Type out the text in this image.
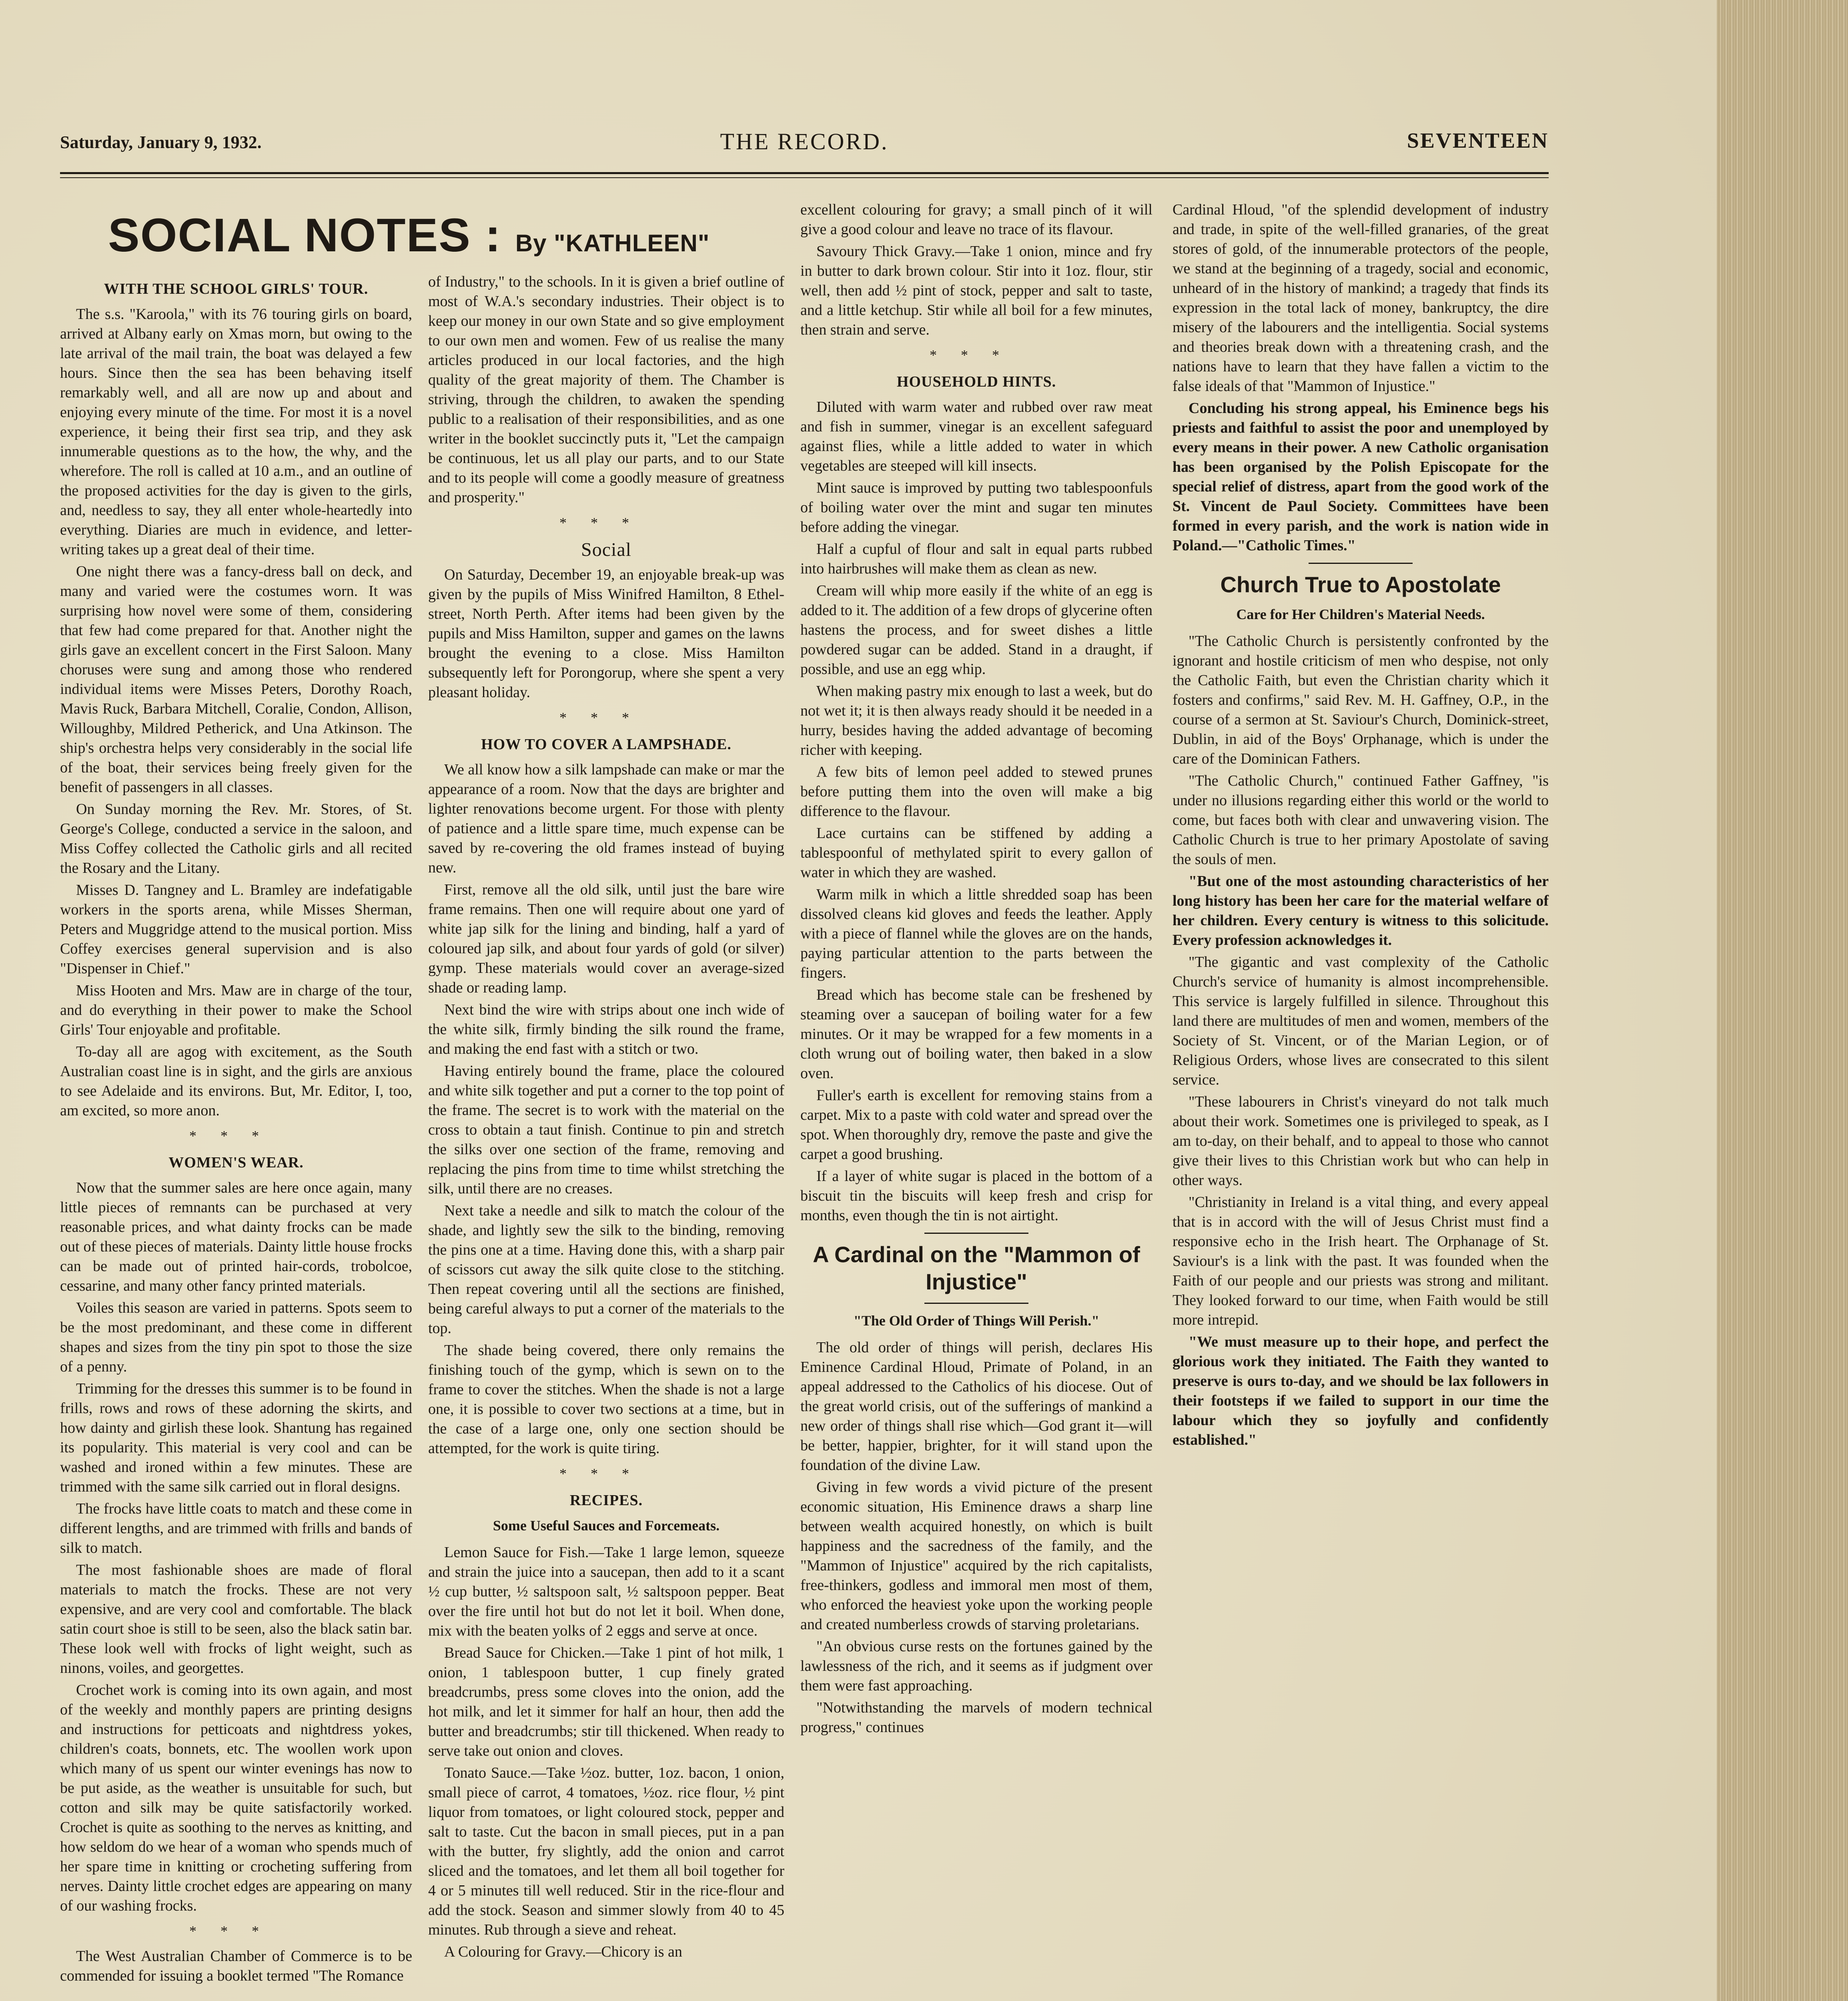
Saturday, January 9, 1932.	THE RECORD.	SEVENTEEN
SOCIAL NOTES : By "KATHLEEN"
WITH THE SCHOOL GIRLS' TOUR.

The s.s. "Karoola," with its 76 touring girls on board, arrived at Albany early on Xmas morn, but owing to the late arrival of the mail train, the boat was delayed a few hours. Since then the sea has been behaving itself remarkably well, and all are now up and about and enjoying every minute of the time. For most it is a novel experience, it being their first sea trip, and they ask innumerable questions as to the how, the why, and the wherefore. The roll is called at 10 a.m., and an outline of the proposed activities for the day is given to the girls, and, needless to say, they all enter whole-heartedly into everything. Diaries are much in evidence, and letter-writing takes up a great deal of their time.

One night there was a fancy-dress ball on deck, and many and varied were the costumes worn. It was surprising how novel were some of them, considering that few had come prepared for that. Another night the girls gave an excellent concert in the First Saloon. Many choruses were sung and among those who rendered individual items were Misses Peters, Dorothy Roach, Mavis Ruck, Barbara Mitchell, Coralie, Condon, Allison, Willoughby, Mildred Petherick, and Una Atkinson. The ship's orchestra helps very considerably in the social life of the boat, their services being freely given for the benefit of passengers in all classes.

On Sunday morning the Rev. Mr. Stores, of St. George's College, conducted a service in the saloon, and Miss Coffey collected the Catholic girls and all recited the Rosary and the Litany.

Misses D. Tangney and L. Bramley are indefatigable workers in the sports arena, while Misses Sherman, Peters and Muggridge attend to the musical portion. Miss Coffey exercises general supervision and is also "Dispenser in Chief."

Miss Hooten and Mrs. Maw are in charge of the tour, and do everything in their power to make the School Girls' Tour enjoyable and profitable.

To-day all are agog with excitement, as the South Australian coast line is in sight, and the girls are anxious to see Adelaide and its environs. But, Mr. Editor, I, too, am excited, so more anon.

***
WOMEN'S WEAR.

Now that the summer sales are here once again, many little pieces of remnants can be purchased at very reasonable prices, and what dainty frocks can be made out of these pieces of materials. Dainty little house frocks can be made out of printed hair-cords, trobolcoe, cessarine, and many other fancy printed materials.

Voiles this season are varied in patterns. Spots seem to be the most predominant, and these come in different shapes and sizes from the tiny pin spot to those the size of a penny.

Trimming for the dresses this summer is to be found in frills, rows and rows of these adorning the skirts, and how dainty and girlish these look. Shantung has regained its popularity. This material is very cool and can be washed and ironed within a few minutes. These are trimmed with the same silk carried out in floral designs.

The frocks have little coats to match and these come in different lengths, and are trimmed with frills and bands of silk to match.

The most fashionable shoes are made of floral materials to match the frocks. These are not very expensive, and are very cool and comfortable. The black satin court shoe is still to be seen, also the black satin bar. These look well with frocks of light weight, such as ninons, voiles, and georgettes.

Crochet work is coming into its own again, and most of the weekly and monthly papers are printing designs and instructions for petticoats and nightdress yokes, children's coats, bonnets, etc. The woollen work upon which many of us spent our winter evenings has now to be put aside, as the weather is unsuitable for such, but cotton and silk may be quite satisfactorily worked. Crochet is quite as soothing to the nerves as knitting, and how seldom do we hear of a woman who spends much of her spare time in knitting or crocheting suffering from nerves. Dainty little crochet edges are appearing on many of our washing frocks.

***

The West Australian Chamber of Commerce is to be commended for issuing a booklet termed "The Romance

of Industry," to the schools. In it is given a brief outline of most of W.A.'s secondary industries. Their object is to keep our money in our own State and so give employment to our own men and women. Few of us realise the many articles produced in our local factories, and the high quality of the great majority of them. The Chamber is striving, through the children, to awaken the spending public to a realisation of their responsibilities, and as one writer in the booklet succinctly puts it, "Let the campaign be continuous, let us all play our parts, and to our State and to its people will come a goodly measure of greatness and prosperity."

***
Social

On Saturday, December 19, an enjoyable break-up was given by the pupils of Miss Winifred Hamilton, 8 Ethel-street, North Perth. After items had been given by the pupils and Miss Hamilton, supper and games on the lawns brought the evening to a close. Miss Hamilton subsequently left for Porongorup, where she spent a very pleasant holiday.

***
HOW TO COVER A LAMPSHADE.

We all know how a silk lampshade can make or mar the appearance of a room. Now that the days are brighter and lighter renovations become urgent. For those with plenty of patience and a little spare time, much expense can be saved by re-covering the old frames instead of buying new.

First, remove all the old silk, until just the bare wire frame remains. Then one will require about one yard of white jap silk for the lining and binding, half a yard of coloured jap silk, and about four yards of gold (or silver) gymp. These materials would cover an average-sized shade or reading lamp.

Next bind the wire with strips about one inch wide of the white silk, firmly binding the silk round the frame, and making the end fast with a stitch or two.

Having entirely bound the frame, place the coloured and white silk together and put a corner to the top point of the frame. The secret is to work with the material on the cross to obtain a taut finish. Continue to pin and stretch the silks over one section of the frame, removing and replacing the pins from time to time whilst stretching the silk, until there are no creases.

Next take a needle and silk to match the colour of the shade, and lightly sew the silk to the binding, removing the pins one at a time. Having done this, with a sharp pair of scissors cut away the silk quite close to the stitching. Then repeat covering until all the sections are finished, being careful always to put a corner of the materials to the top.

The shade being covered, there only remains the finishing touch of the gymp, which is sewn on to the frame to cover the stitches. When the shade is not a large one, it is possible to cover two sections at a time, but in the case of a large one, only one section should be attempted, for the work is quite tiring.

***
RECIPES.
Some Useful Sauces and Forcemeats.

Lemon Sauce for Fish.—Take 1 large lemon, squeeze and strain the juice into a saucepan, then add to it a scant ½ cup butter, ½ saltspoon salt, ½ saltspoon pepper. Beat over the fire until hot but do not let it boil. When done, mix with the beaten yolks of 2 eggs and serve at once.

Bread Sauce for Chicken.—Take 1 pint of hot milk, 1 onion, 1 tablespoon butter, 1 cup finely grated breadcrumbs, press some cloves into the onion, add the hot milk, and let it simmer for half an hour, then add the butter and breadcrumbs; stir till thickened. When ready to serve take out onion and cloves.

Tonato Sauce.—Take ½oz. butter, 1oz. bacon, 1 onion, small piece of carrot, 4 tomatoes, ½oz. rice flour, ½ pint liquor from tomatoes, or light coloured stock, pepper and salt to taste. Cut the bacon in small pieces, put in a pan with the butter, fry slightly, add the onion and carrot sliced and the tomatoes, and let them all boil together for 4 or 5 minutes till well reduced. Stir in the rice-flour and add the stock. Season and simmer slowly from 40 to 45 minutes. Rub through a sieve and reheat.

A Colouring for Gravy.—Chicory is an

excellent colouring for gravy; a small pinch of it will give a good colour and leave no trace of its flavour.

Savoury Thick Gravy.—Take 1 onion, mince and fry in butter to dark brown colour. Stir into it 1oz. flour, stir well, then add ½ pint of stock, pepper and salt to taste, and a little ketchup. Stir while all boil for a few minutes, then strain and serve.

***
HOUSEHOLD HINTS.

Diluted with warm water and rubbed over raw meat and fish in summer, vinegar is an excellent safeguard against flies, while a little added to water in which vegetables are steeped will kill insects.

Mint sauce is improved by putting two tablespoonfuls of boiling water over the mint and sugar ten minutes before adding the vinegar.

Half a cupful of flour and salt in equal parts rubbed into hairbrushes will make them as clean as new.

Cream will whip more easily if the white of an egg is added to it. The addition of a few drops of glycerine often hastens the process, and for sweet dishes a little powdered sugar can be added. Stand in a draught, if possible, and use an egg whip.

When making pastry mix enough to last a week, but do not wet it; it is then always ready should it be needed in a hurry, besides having the added advantage of becoming richer with keeping.

A few bits of lemon peel added to stewed prunes before putting them into the oven will make a big difference to the flavour.

Lace curtains can be stiffened by adding a tablespoonful of methylated spirit to every gallon of water in which they are washed.

Warm milk in which a little shredded soap has been dissolved cleans kid gloves and feeds the leather. Apply with a piece of flannel while the gloves are on the hands, paying particular attention to the parts between the fingers.

Bread which has become stale can be freshened by steaming over a saucepan of boiling water for a few minutes. Or it may be wrapped for a few moments in a cloth wrung out of boiling water, then baked in a slow oven.

Fuller's earth is excellent for removing stains from a carpet. Mix to a paste with cold water and spread over the spot. When thoroughly dry, remove the paste and give the carpet a good brushing.

If a layer of white sugar is placed in the bottom of a biscuit tin the biscuits will keep fresh and crisp for months, even though the tin is not airtight.

A Cardinal on the "Mammon of Injustice"
"The Old Order of Things Will Perish."

The old order of things will perish, declares His Eminence Cardinal Hloud, Primate of Poland, in an appeal addressed to the Catholics of his diocese. Out of the great world crisis, out of the sufferings of mankind a new order of things shall rise which—God grant it—will be better, happier, brighter, for it will stand upon the foundation of the divine Law.

Giving in few words a vivid picture of the present economic situation, His Eminence draws a sharp line between wealth acquired honestly, on which is built happiness and the sacredness of the family, and the "Mammon of Injustice" acquired by the rich capitalists, free-thinkers, godless and immoral men most of them, who enforced the heaviest yoke upon the working people and created numberless crowds of starving proletarians.

"An obvious curse rests on the fortunes gained by the lawlessness of the rich, and it seems as if judgment over them were fast approaching.

"Notwithstanding the marvels of modern technical progress," continues

Cardinal Hloud, "of the splendid development of industry and trade, in spite of the well-filled granaries, of the great stores of gold, of the innumerable protectors of the people, we stand at the beginning of a tragedy, social and economic, unheard of in the history of mankind; a tragedy that finds its expression in the total lack of money, bankruptcy, the dire misery of the labourers and the intelligentia. Social systems and theories break down with a threatening crash, and the nations have to learn that they have fallen a victim to the false ideals of that "Mammon of Injustice."

Concluding his strong appeal, his Eminence begs his priests and faithful to assist the poor and unemployed by every means in their power. A new Catholic organisation has been organised by the Polish Episcopate for the special relief of distress, apart from the good work of the St. Vincent de Paul Society. Committees have been formed in every parish, and the work is nation wide in Poland.—"Catholic Times."

Church True to Apostolate
Care for Her Children's Material Needs.

"The Catholic Church is persistently confronted by the ignorant and hostile criticism of men who despise, not only the Catholic Faith, but even the Christian charity which it fosters and confirms," said Rev. M. H. Gaffney, O.P., in the course of a sermon at St. Saviour's Church, Dominick-street, Dublin, in aid of the Boys' Orphanage, which is under the care of the Dominican Fathers.

"The Catholic Church," continued Father Gaffney, "is under no illusions regarding either this world or the world to come, but faces both with clear and unwavering vision. The Catholic Church is true to her primary Apostolate of saving the souls of men.

"But one of the most astounding characteristics of her long history has been her care for the material welfare of her children. Every century is witness to this solicitude. Every profession acknowledges it.

"The gigantic and vast complexity of the Catholic Church's service of humanity is almost incomprehensible. This service is largely fulfilled in silence. Throughout this land there are multitudes of men and women, members of the Society of St. Vincent, or of the Marian Legion, or of Religious Orders, whose lives are consecrated to this silent service.

"These labourers in Christ's vineyard do not talk much about their work. Sometimes one is privileged to speak, as I am to-day, on their behalf, and to appeal to those who cannot give their lives to this Christian work but who can help in other ways.

"Christianity in Ireland is a vital thing, and every appeal that is in accord with the will of Jesus Christ must find a responsive echo in the Irish heart. The Orphanage of St. Saviour's is a link with the past. It was founded when the Faith of our people and our priests was strong and militant. They looked forward to our time, when Faith would be still more intrepid.

"We must measure up to their hope, and perfect the glorious work they initiated. The Faith they wanted to preserve is ours to-day, and we should be lax followers in their footsteps if we failed to support in our time the labour which they so joyfully and confidently established."
